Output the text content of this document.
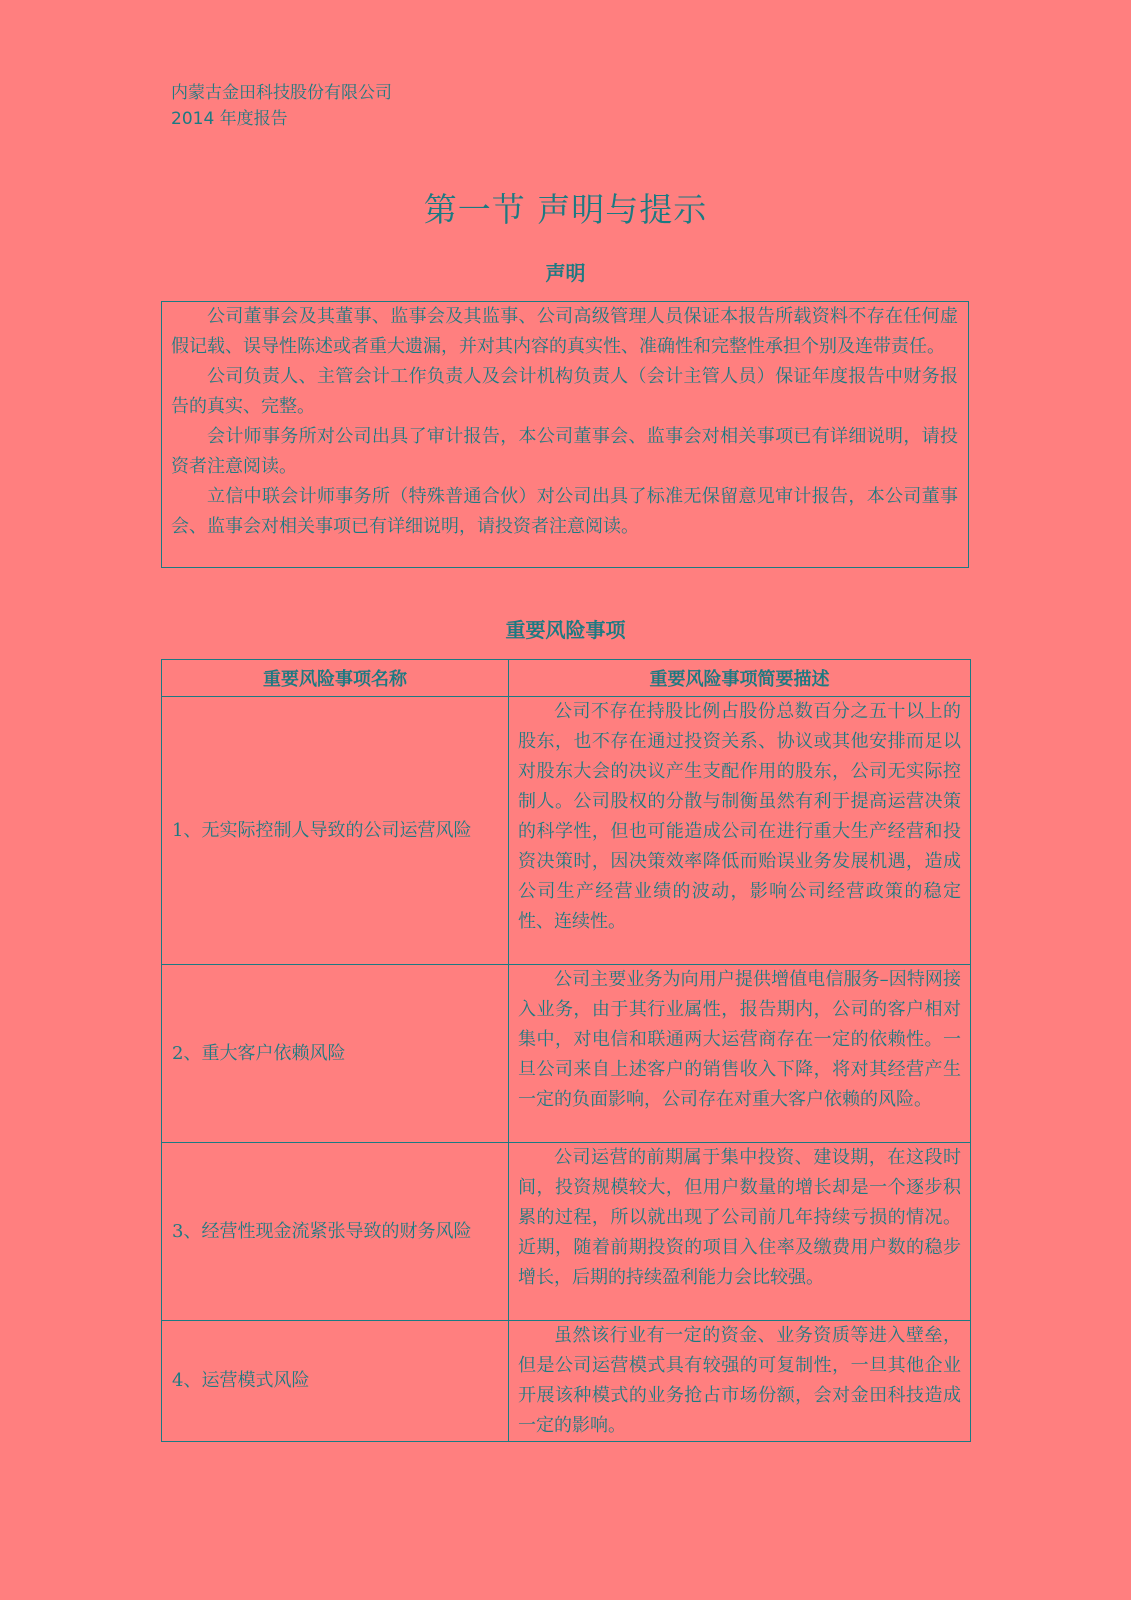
内蒙古金田科技股份有限公司
2014 年度报告
第一节 声明与提示
声明

公司董事会及其董事、监事会及其监事、公司高级管理人员保证本报告所载资料不存在任何虚假记载、误导性陈述或者重大遗漏，并对其内容的真实性、准确性和完整性承担个别及连带责任。

公司负责人、主管会计工作负责人及会计机构负责人（会计主管人员）保证年度报告中财务报告的真实、完整。

会计师事务所对公司出具了审计报告，本公司董事会、监事会对相关事项已有详细说明，请投资者注意阅读。

立信中联会计师事务所（特殊普通合伙）对公司出具了标准无保留意见审计报告，本公司董事会、监事会对相关事项已有详细说明，请投资者注意阅读。

重要风险事项
重要风险事项名称	重要风险事项简要描述
1、无实际控制人导致的公司运营风险	公司不存在持股比例占股份总数百分之五十以上的股东，也不存在通过投资关系、协议或其他安排而足以对股东大会的决议产生支配作用的股东，公司无实际控制人。公司股权的分散与制衡虽然有利于提高运营决策的科学性，但也可能造成公司在进行重大生产经营和投资决策时，因决策效率降低而贻误业务发展机遇，造成公司生产经营业绩的波动，影响公司经营政策的稳定性、连续性。
2、重大客户依赖风险	公司主要业务为向用户提供增值电信服务–因特网接入业务，由于其行业属性，报告期内，公司的客户相对集中，对电信和联通两大运营商存在一定的依赖性。一旦公司来自上述客户的销售收入下降，将对其经营产生一定的负面影响，公司存在对重大客户依赖的风险。
3、经营性现金流紧张导致的财务风险	公司运营的前期属于集中投资、建设期，在这段时间，投资规模较大，但用户数量的增长却是一个逐步积累的过程，所以就出现了公司前几年持续亏损的情况。近期，随着前期投资的项目入住率及缴费用户数的稳步增长，后期的持续盈利能力会比较强。
4、运营模式风险	虽然该行业有一定的资金、业务资质等进入壁垒，但是公司运营模式具有较强的可复制性，一旦其他企业开展该种模式的业务抢占市场份额，会对金田科技造成一定的影响。
